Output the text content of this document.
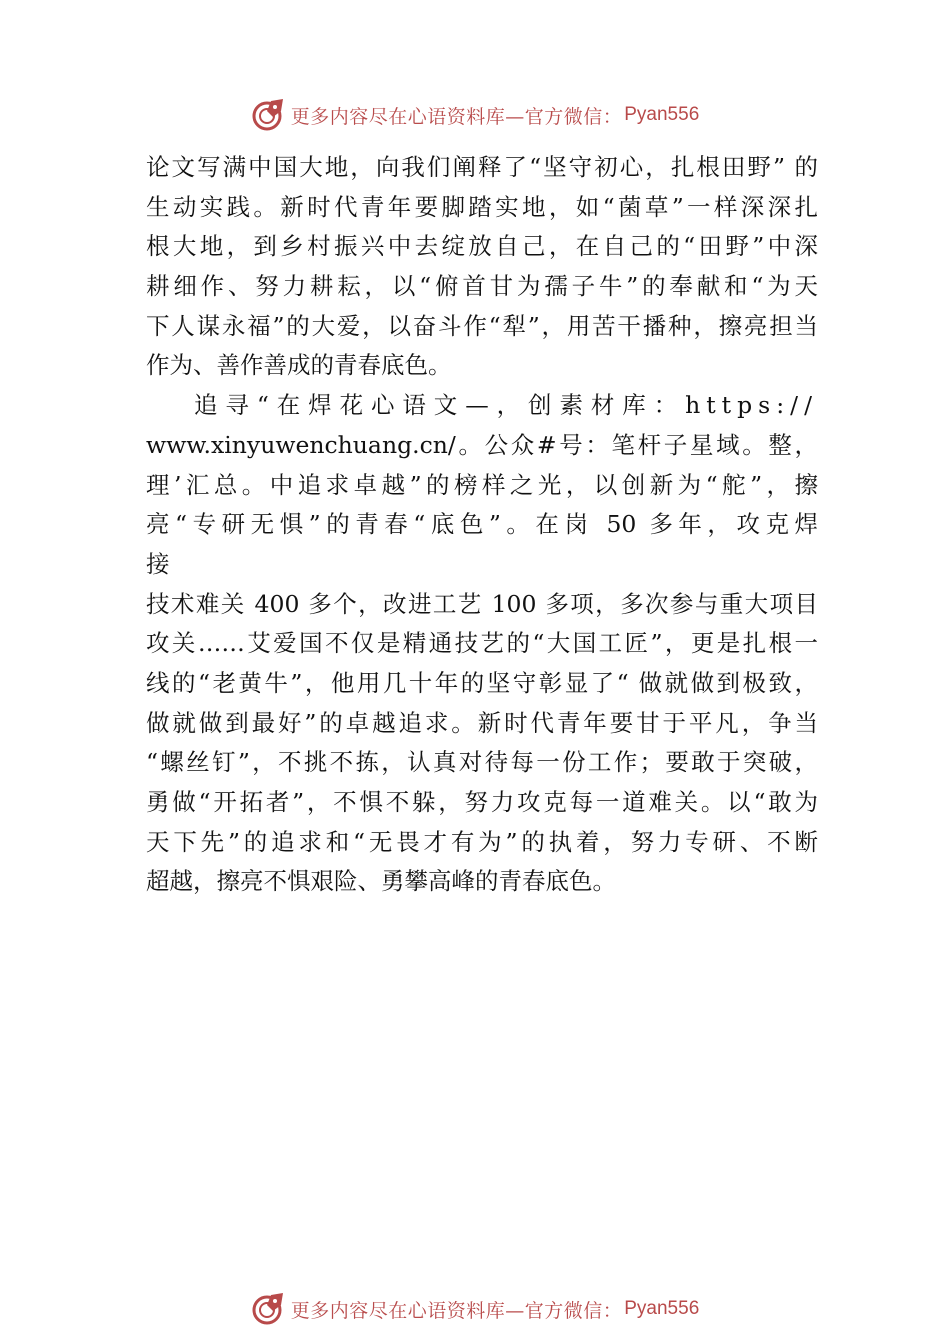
更多内容尽在心语资料库—官方微信： Pyan556
论文写满中国大地，向我们阐释了“坚守初心，扎根田野” 的
生动实践。新时代青年要脚踏实地，如“菌草”一样深深扎
根大地，到乡村振兴中去绽放自己，在自己的“田野”中深
耕细作、努力耕耘，以“俯首甘为孺子牛”的奉献和“为天
下人谋永福”的大爱，以奋斗作“犁”，用苦干播种，擦亮担当
作为、善作善成的青春底色。
追寻“在焊花心语文—，创素材库：https://
www.xinyuwenchuang.cn/。公众#号：笔杆子星域。整，
理’汇总。中追求卓越”的榜样之光，以创新为“舵”，擦
亮“专研无惧”的青春“底色”。在岗 50 多年，攻克焊
接
技术难关 400 多个，改进工艺 100 多项，多次参与重大项目
攻关……艾爱国不仅是精通技艺的“大国工匠”，更是扎根一
线的“老黄牛”，他用几十年的坚守彰显了“ 做就做到极致，
做就做到最好”的卓越追求。新时代青年要甘于平凡，争当
“螺丝钉”，不挑不拣，认真对待每一份工作；要敢于突破，
勇做“开拓者”，不惧不躲，努力攻克每一道难关。以“敢为
天下先”的追求和“无畏才有为”的执着，努力专研、不断
超越，擦亮不惧艰险、勇攀高峰的青春底色。
更多内容尽在心语资料库—官方微信： Pyan556
